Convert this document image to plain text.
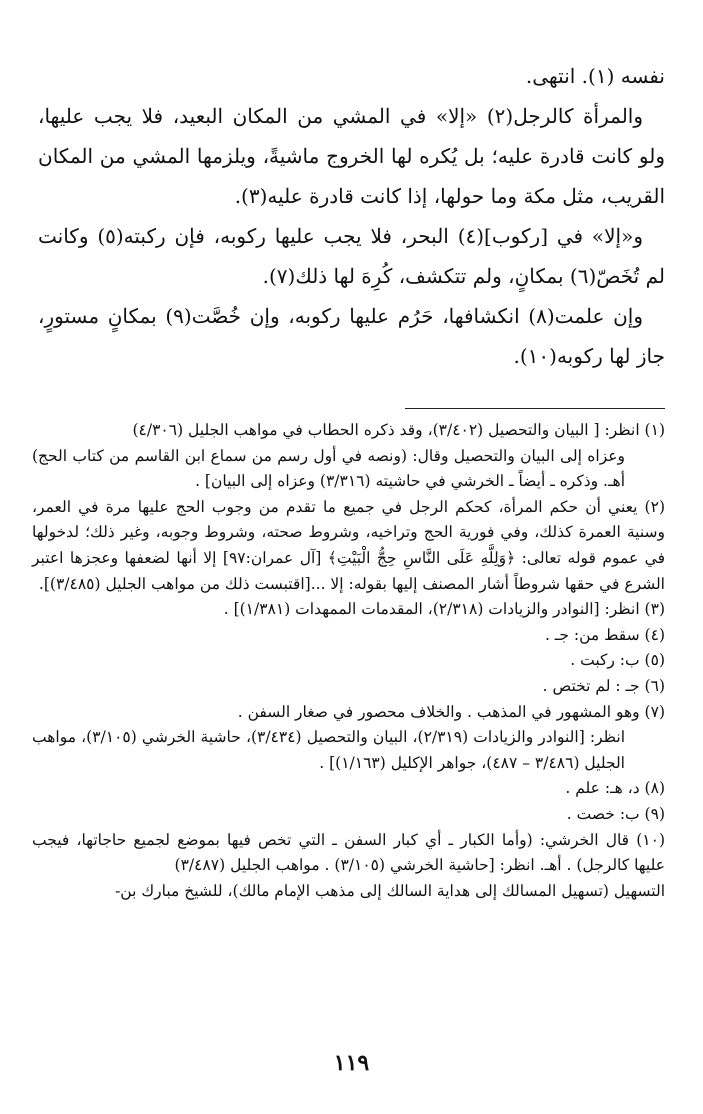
نفسه (١). انتهى.

والمرأة كالرجل(٢) «إلا» في المشي من المكان البعيد، فلا يجب عليها، ولو كانت قادرة عليه؛ بل يُكره لها الخروج ماشيةً، ويلزمها المشي من المكان القريب، مثل مكة وما حولها، إذا كانت قادرة عليه(٣).

و«إلا» في [ركوب](٤) البحر، فلا يجب عليها ركوبه، فإن ركبته(٥) وكانت لم تُخَصّ(٦) بمكانٍ، ولم تتكشف، كُرِهَ لها ذلك(٧).

وإن علمت(٨) انكشافها، حَرُم عليها ركوبه، وإن خُصَّت(٩) بمكانٍ مستورٍ، جاز لها ركوبه(١٠).

(١) انظر: [ البيان والتحصيل (٣/٤٠٢)، وقد ذكره الحطاب في مواهب الجليل (٤/٣٠٦)

وعزاه إلى البيان والتحصيل وقال: (ونصه في أول رسم من سماع ابن القاسم من كتاب الحج) أهـ. وذكره ـ أيضاً ـ الخرشي في حاشيته (٣/٣١٦) وعزاه إلى البيان] .

(٢) يعني أن حكم المرأة، كحكم الرجل في جميع ما تقدم من وجوب الحج عليها مرة في العمر، وسنية العمرة كذلك، وفي فورية الحج وتراخيه، وشروط صحته، وشروط وجوبه، وغير ذلك؛ لدخولها في عموم قوله تعالى: ﴿وَلِلَّهِ عَلَى النَّاسِ حِجُّ الْبَيْتِ﴾ [آل عمران:٩٧] إلا أنها لضعفها وعجزها اعتبر الشرع في حقها شروطاً أشار المصنف إليها بقوله: إلا ...[اقتبست ذلك من مواهب الجليل (٣/٤٨٥)].

(٣) انظر: [النوادر والزيادات (٢/٣١٨)، المقدمات الممهدات (١/٣٨١)] .

(٤) سقط من: جـ .

(٥) ب: ركبت .

(٦) جـ : لم تختص .

(٧) وهو المشهور في المذهب . والخلاف محصور في صغار السفن .

انظر: [النوادر والزيادات (٢/٣١٩)، البيان والتحصيل (٣/٤٣٤)، حاشية الخرشي (٣/١٠٥)، مواهب الجليل (٣/٤٨٦ – ٤٨٧)، جواهر الإكليل (١/١٦٣)] .

(٨) د، هـ: علم .

(٩) ب: خصت .

(١٠) قال الخرشي: (وأما الكبار ـ أي كبار السفن ـ التي تخص فيها بموضع لجميع حاجاتها، فيجب عليها كالرجل) . أهـ. انظر: [حاشية الخرشي (٣/١٠٥) . مواهب الجليل (٣/٤٨٧)

التسهيل (تسهيل المسالك إلى هداية السالك إلى مذهب الإمام مالك)، للشيخ مبارك بن-

١١٩
